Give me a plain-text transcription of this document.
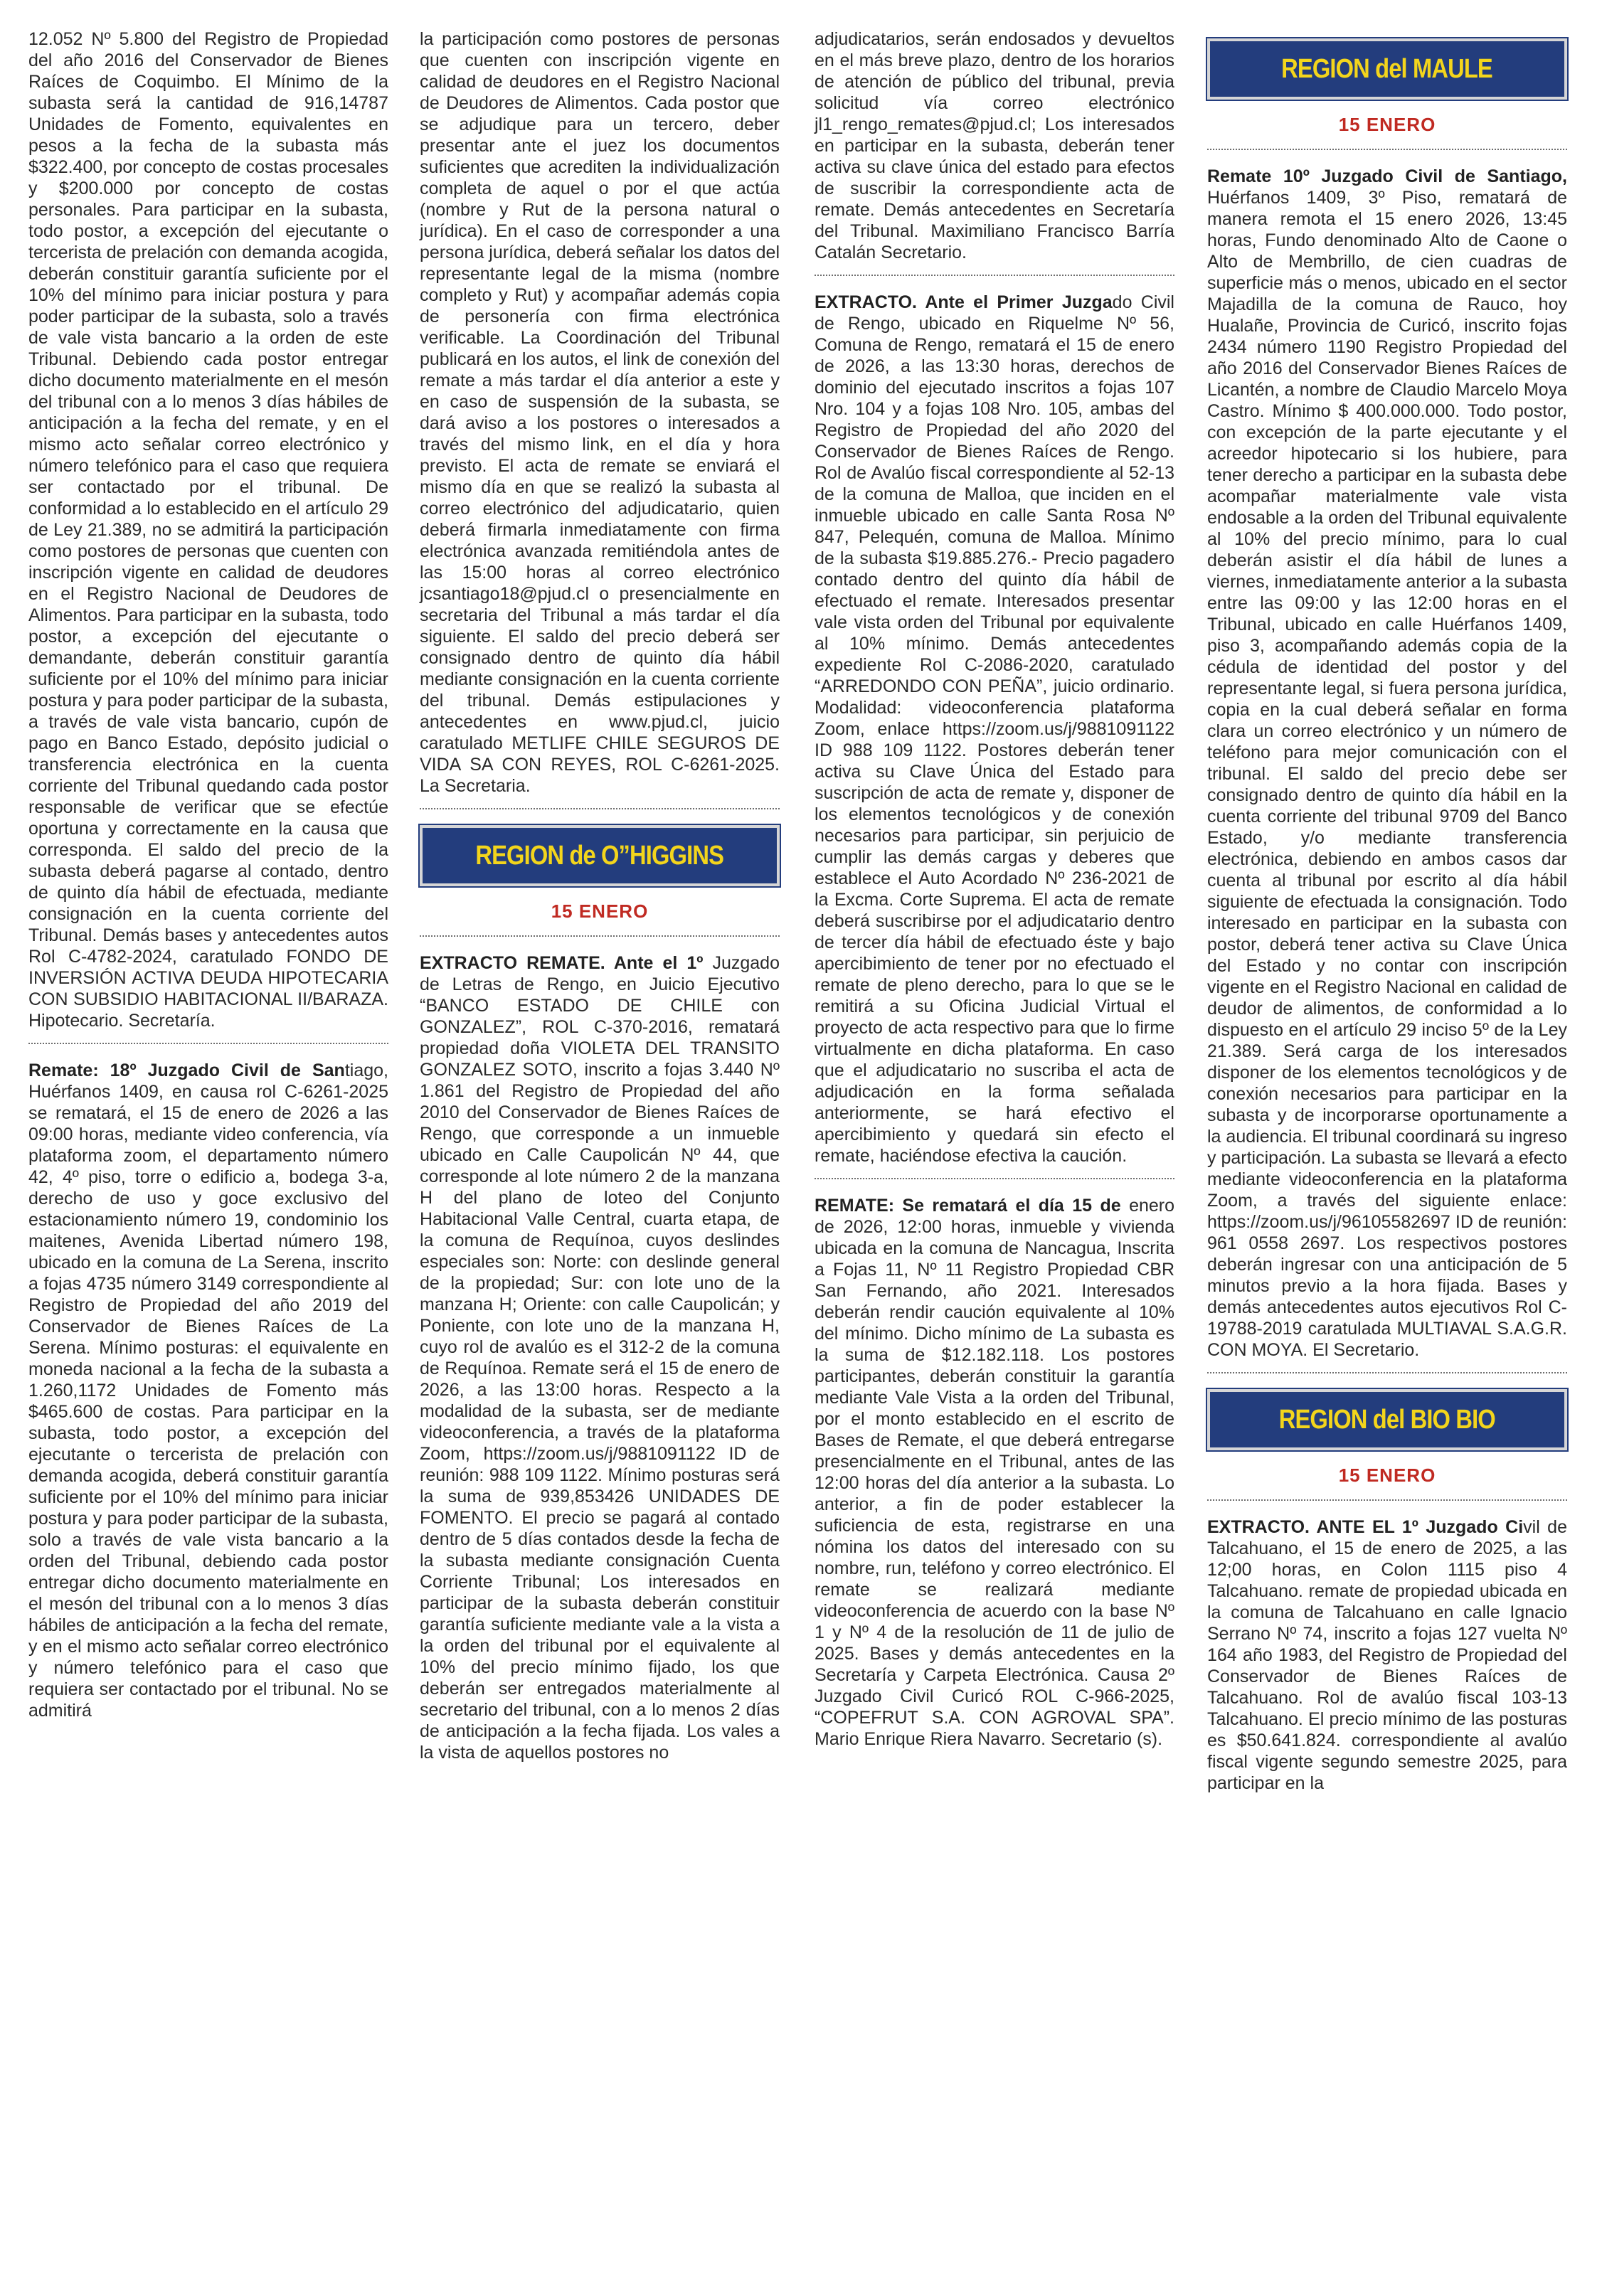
12.052 Nº 5.800 del Registro de Propiedad del año 2016 del Conservador de Bienes Raíces de Coquimbo. El Mínimo de la subasta será la cantidad de 916,14787 Unidades de Fomento, equivalentes en pesos a la fecha de la subasta más $322.400, por concepto de costas procesales y $200.000 por concepto de costas personales. Para participar en la subasta, todo postor, a excepción del ejecutante o tercerista de prelación con demanda acogida, deberán constituir garantía suficiente por el 10% del mínimo para iniciar postura y para poder participar de la subasta, solo a través de vale vista bancario a la orden de este Tribunal. Debiendo cada postor entregar dicho documento materialmente en el mesón del tribunal con a lo menos 3 días hábiles de anticipación a la fecha del remate, y en el mismo acto señalar correo electrónico y número telefónico para el caso que requiera ser contactado por el tribunal. De conformidad a lo establecido en el artículo 29 de Ley 21.389, no se admitirá la participación como postores de personas que cuenten con inscripción vigente en calidad de deudores en el Registro Nacional de Deudores de Alimentos. Para participar en la subasta, todo postor, a excepción del ejecutante o demandante, deberán constituir garantía suficiente por el 10% del mínimo para iniciar postura y para poder participar de la subasta, a través de vale vista bancario, cupón de pago en Banco Estado, depósito judicial o transferencia electrónica en la cuenta corriente del Tribunal quedando cada postor responsable de verificar que se efectúe oportuna y correctamente en la causa que corresponda. El saldo del precio de la subasta deberá pagarse al contado, dentro de quinto día hábil de efectuada, mediante consignación en la cuenta corriente del Tribunal. Demás bases y antecedentes autos Rol C-4782-2024, caratulado FONDO DE INVERSIÓN ACTIVA DEUDA HIPOTECARIA CON SUBSIDIO HABITACIONAL II/BARAZA. Hipotecario. Secretaría.

Remate: 18º Juzgado Civil de Santiago, Huérfanos 1409, en causa rol C-6261-2025 se rematará, el 15 de enero de 2026 a las 09:00 horas, mediante video conferencia, vía plataforma zoom, el departamento número 42, 4º piso, torre o edificio a, bodega 3-a, derecho de uso y goce exclusivo del estacionamiento número 19, condominio los maitenes, Avenida Libertad número 198, ubicado en la comuna de La Serena, inscrito a fojas 4735 número 3149 correspondiente al Registro de Propiedad del año 2019 del Conservador de Bienes Raíces de La Serena. Mínimo posturas: el equivalente en moneda nacional a la fecha de la subasta a 1.260,1172 Unidades de Fomento más $465.600 de costas. Para participar en la subasta, todo postor, a excepción del ejecutante o tercerista de prelación con demanda acogida, deberá constituir garantía suficiente por el 10% del mínimo para iniciar postura y para poder participar de la subasta, solo a través de vale vista bancario a la orden del Tribunal, debiendo cada postor entregar dicho documento materialmente en el mesón del tribunal con a lo menos 3 días hábiles de anticipación a la fecha del remate, y en el mismo acto señalar correo electrónico y número telefónico para el caso que requiera ser contactado por el tribunal. No se admitirá

la participación como postores de personas que cuenten con inscripción vigente en calidad de deudores en el Registro Nacional de Deudores de Alimentos. Cada postor que se adjudique para un tercero, deber presentar ante el juez los documentos suficientes que acrediten la individualización completa de aquel o por el que actúa (nombre y Rut de la persona natural o jurídica). En el caso de corresponder a una persona jurídica, deberá señalar los datos del representante legal de la misma (nombre completo y Rut) y acompañar además copia de personería con firma electrónica verificable. La Coordinación del Tribunal publicará en los autos, el link de conexión del remate a más tardar el día anterior a este y en caso de suspensión de la subasta, se dará aviso a los postores o interesados a través del mismo link, en el día y hora previsto. El acta de remate se enviará el mismo día en que se realizó la subasta al correo electrónico del adjudicatario, quien deberá firmarla inmediatamente con firma electrónica avanzada remitiéndola antes de las 15:00 horas al correo electrónico jcsantiago18@pjud.cl o presencialmente en secretaria del Tribunal a más tardar el día siguiente. El saldo del precio deberá ser consignado dentro de quinto día hábil mediante consignación en la cuenta corriente del tribunal. Demás estipulaciones y antecedentes en www.pjud.cl, juicio caratulado METLIFE CHILE SEGUROS DE VIDA SA CON REYES, ROL C-6261-2025. La Secretaria.

REGION de O”HIGGINS
15 ENERO

EXTRACTO REMATE. Ante el 1º Juzgado de Letras de Rengo, en Juicio Ejecutivo “BANCO ESTADO DE CHILE con GONZALEZ”, ROL C-370-2016, rematará propiedad doña VIOLETA DEL TRANSITO GONZALEZ SOTO, inscrito a fojas 3.440 Nº 1.861 del Registro de Propiedad del año 2010 del Conservador de Bienes Raíces de Rengo, que corresponde a un inmueble ubicado en Calle Caupolicán Nº 44, que corresponde al lote número 2 de la manzana H del plano de loteo del Conjunto Habitacional Valle Central, cuarta etapa, de la comuna de Requínoa, cuyos deslindes especiales son: Norte: con deslinde general de la propiedad; Sur: con lote uno de la manzana H; Oriente: con calle Caupolicán; y Poniente, con lote uno de la manzana H, cuyo rol de avalúo es el 312-2 de la comuna de Requínoa. Remate será el 15 de enero de 2026, a las 13:00 horas. Respecto a la modalidad de la subasta, ser de mediante videoconferencia, a través de la plataforma Zoom, https://zoom.us/j/9881091122 ID de reunión: 988 109 1122. Mínimo posturas será la suma de 939,853426 UNIDADES DE FOMENTO. El precio se pagará al contado dentro de 5 días contados desde la fecha de la subasta mediante consignación Cuenta Corriente Tribunal; Los interesados en participar de la subasta deberán constituir garantía suficiente mediante vale a la vista a la orden del tribunal por el equivalente al 10% del precio mínimo fijado, los que deberán ser entregados materialmente al secretario del tribunal, con a lo menos 2 días de anticipación a la fecha fijada. Los vales a la vista de aquellos postores no

adjudicatarios, serán endosados y devueltos en el más breve plazo, dentro de los horarios de atención de público del tribunal, previa solicitud vía correo electrónico jl1_rengo_remates@pjud.cl; Los interesados en participar en la subasta, deberán tener activa su clave única del estado para efectos de suscribir la correspondiente acta de remate. Demás antecedentes en Secretaría del Tribunal. Maximiliano Francisco Barría Catalán Secretario.

EXTRACTO. Ante el Primer Juzgado Civil de Rengo, ubicado en Riquelme Nº 56, Comuna de Rengo, rematará el 15 de enero de 2026, a las 13:30 horas, derechos de dominio del ejecutado inscritos a fojas 107 Nro. 104 y a fojas 108 Nro. 105, ambas del Registro de Propiedad del año 2020 del Conservador de Bienes Raíces de Rengo. Rol de Avalúo fiscal correspondiente al 52-13 de la comuna de Malloa, que inciden en el inmueble ubicado en calle Santa Rosa Nº 847, Pelequén, comuna de Malloa. Mínimo de la subasta $19.885.276.- Precio pagadero contado dentro del quinto día hábil de efectuado el remate. Interesados presentar vale vista orden del Tribunal por equivalente al 10% mínimo. Demás antecedentes expediente Rol C-2086-2020, caratulado “ARREDONDO CON PEÑA”, juicio ordinario. Modalidad: videoconferencia plataforma Zoom, enlace https://zoom.us/j/9881091122 ID 988 109 1122. Postores deberán tener activa su Clave Única del Estado para suscripción de acta de remate y, disponer de los elementos tecnológicos y de conexión necesarios para participar, sin perjuicio de cumplir las demás cargas y deberes que establece el Auto Acordado Nº 236-2021 de la Excma. Corte Suprema. El acta de remate deberá suscribirse por el adjudicatario dentro de tercer día hábil de efectuado éste y bajo apercibimiento de tener por no efectuado el remate de pleno derecho, para lo que se le remitirá a su Oficina Judicial Virtual el proyecto de acta respectivo para que lo firme virtualmente en dicha plataforma. En caso que el adjudicatario no suscriba el acta de adjudicación en la forma señalada anteriormente, se hará efectivo el apercibimiento y quedará sin efecto el remate, haciéndose efectiva la caución.

REMATE: Se rematará el día 15 de enero de 2026, 12:00 horas, inmueble y vivienda ubicada en la comuna de Nancagua, Inscrita a Fojas 11, Nº 11 Registro Propiedad CBR San Fernando, año 2021. Interesados deberán rendir caución equivalente al 10% del mínimo. Dicho mínimo de La subasta es la suma de $12.182.118. Los postores participantes, deberán constituir la garantía mediante Vale Vista a la orden del Tribunal, por el monto establecido en el escrito de Bases de Remate, el que deberá entregarse presencialmente en el Tribunal, antes de las 12:00 horas del día anterior a la subasta. Lo anterior, a fin de poder establecer la suficiencia de esta, registrarse en una nómina los datos del interesado con su nombre, run, teléfono y correo electrónico. El remate se realizará mediante videoconferencia de acuerdo con la base Nº 1 y Nº 4 de la resolución de 11 de julio de 2025. Bases y demás antecedentes en la Secretaría y Carpeta Electrónica. Causa 2º Juzgado Civil Curicó ROL C-966-2025, “COPEFRUT S.A. CON AGROVAL SPA”. Mario Enrique Riera Navarro. Secretario (s).

REGION del MAULE
15 ENERO

Remate 10º Juzgado Civil de Santiago, Huérfanos 1409, 3º Piso, rematará de manera remota el 15 enero 2026, 13:45 horas, Fundo denominado Alto de Caone o Alto de Membrillo, de cien cuadras de superficie más o menos, ubicado en el sector Majadilla de la comuna de Rauco, hoy Hualañe, Provincia de Curicó, inscrito fojas 2434 número 1190 Registro Propiedad del año 2016 del Conservador Bienes Raíces de Licantén, a nombre de Claudio Marcelo Moya Castro. Mínimo $ 400.000.000. Todo postor, con excepción de la parte ejecutante y el acreedor hipotecario si los hubiere, para tener derecho a participar en la subasta debe acompañar materialmente vale vista endosable a la orden del Tribunal equivalente al 10% del precio mínimo, para lo cual deberán asistir el día hábil de lunes a viernes, inmediatamente anterior a la subasta entre las 09:00 y las 12:00 horas en el Tribunal, ubicado en calle Huérfanos 1409, piso 3, acompañando además copia de la cédula de identidad del postor y del representante legal, si fuera persona jurídica, copia en la cual deberá señalar en forma clara un correo electrónico y un número de teléfono para mejor comunicación con el tribunal. El saldo del precio debe ser consignado dentro de quinto día hábil en la cuenta corriente del tribunal 9709 del Banco Estado, y/o mediante transferencia electrónica, debiendo en ambos casos dar cuenta al tribunal por escrito al día hábil siguiente de efectuada la consignación. Todo interesado en participar en la subasta con postor, deberá tener activa su Clave Única del Estado y no contar con inscripción vigente en el Registro Nacional en calidad de deudor de alimentos, de conformidad a lo dispuesto en el artículo 29 inciso 5º de la Ley 21.389. Será carga de los interesados disponer de los elementos tecnológicos y de conexión necesarios para participar en la subasta y de incorporarse oportunamente a la audiencia. El tribunal coordinará su ingreso y participación. La subasta se llevará a efecto mediante videoconferencia en la plataforma Zoom, a través del siguiente enlace: https://zoom.us/j/96105582697 ID de reunión: 961 0558 2697. Los respectivos postores deberán ingresar con una anticipación de 5 minutos previo a la hora fijada. Bases y demás antecedentes autos ejecutivos Rol C-19788-2019 caratulada MULTIAVAL S.A.G.R. CON MOYA. El Secretario.

REGION del BIO BIO
15 ENERO

EXTRACTO. ANTE EL 1º Juzgado Civil de Talcahuano, el 15 de enero de 2025, a las 12;00 horas, en Colon 1115 piso 4 Talcahuano. remate de propiedad ubicada en la comuna de Talcahuano en calle Ignacio Serrano Nº 74, inscrito a fojas 127 vuelta Nº 164 año 1983, del Registro de Propiedad del Conservador de Bienes Raíces de Talcahuano. Rol de avalúo fiscal 103-13 Talcahuano. El precio mínimo de las posturas es $50.641.824. correspondiente al avalúo fiscal vigente segundo semestre 2025, para participar en la
